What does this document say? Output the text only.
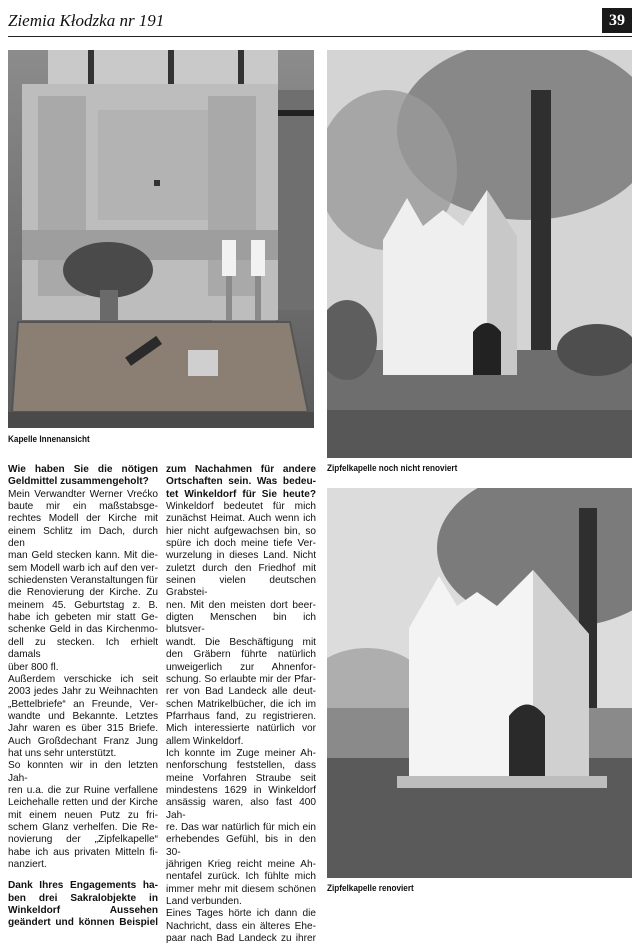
Ziemia Kłodzka nr 191	39
Kapelle Innenansicht
Zipfelkapelle noch nicht renoviert
Zipfelkapelle renoviert

Wie haben Sie die nötigen

Geldmittel zusammengeholt?

Mein Verwandter Werner Vrećko

baute mir ein maßstabsge-

rechtes Modell der Kirche mit

einem Schlitz im Dach, durch den

man Geld stecken kann. Mit die-

sem Modell warb ich auf den ver-

schiedensten Veranstaltungen für

die Renovierung der Kirche. Zu

meinem 45. Geburtstag z. B.

habe ich gebeten mir statt Ge-

schenke Geld in das Kirchenmo-

dell zu stecken. Ich erhielt damals

über 800 fl.

Außerdem verschicke ich seit

2003 jedes Jahr zu Weihnachten

„Bettelbriefe“ an Freunde, Ver-

wandte und Bekannte. Letztes

Jahr waren es über 315 Briefe.

Auch Großdechant Franz Jung

hat uns sehr unterstützt.

So konnten wir in den letzten Jah-

ren u.a. die zur Ruine verfallene

Leichehalle retten und der Kirche

mit einem neuen Putz zu fri-

schem Glanz verhelfen. Die Re-

novierung der „Zipfelkapelle“

habe ich aus privaten Mitteln fi-

nanziert.

Dank Ihres Engagements ha-

ben drei Sakralobjekte in

Winkeldorf Aussehen

geändert und können Beispiel

zum Nachahmen für andere

Ortschaften sein. Was bedeu-

tet Winkeldorf für Sie heute?

Winkeldorf bedeutet für mich

zunächst Heimat. Auch wenn ich

hier nicht aufgewachsen bin, so

spüre ich doch meine tiefe Ver-

wurzelung in dieses Land. Nicht

zuletzt durch den Friedhof mit

seinen vielen deutschen Grabstei-

nen. Mit den meisten dort beer-

digten Menschen bin ich blutsver-

wandt. Die Beschäftigung mit

den Gräbern führte natürlich

unweigerlich zur Ahnenfor-

schung. So erlaubte mir der Pfar-

rer von Bad Landeck alle deut-

schen Matrikelbücher, die ich im

Pfarrhaus fand, zu registrieren.

Mich interessierte natürlich vor

allem Winkeldorf.

Ich konnte im Zuge meiner Ah-

nenforschung feststellen, dass

meine Vorfahren Straube seit

mindestens 1629 in Winkeldorf

ansässig waren, also fast 400 Jah-

re. Das war natürlich für mich ein

erhebendes Gefühl, bis in den 30-

jährigen Krieg reicht meine Ah-

nentafel zurück. Ich fühlte mich

immer mehr mit diesem schönen

Land verbunden.

Eines Tages hörte ich dann die

Nachricht, dass ein älteres Ehe-

paar nach Bad Landeck zu ihrer
